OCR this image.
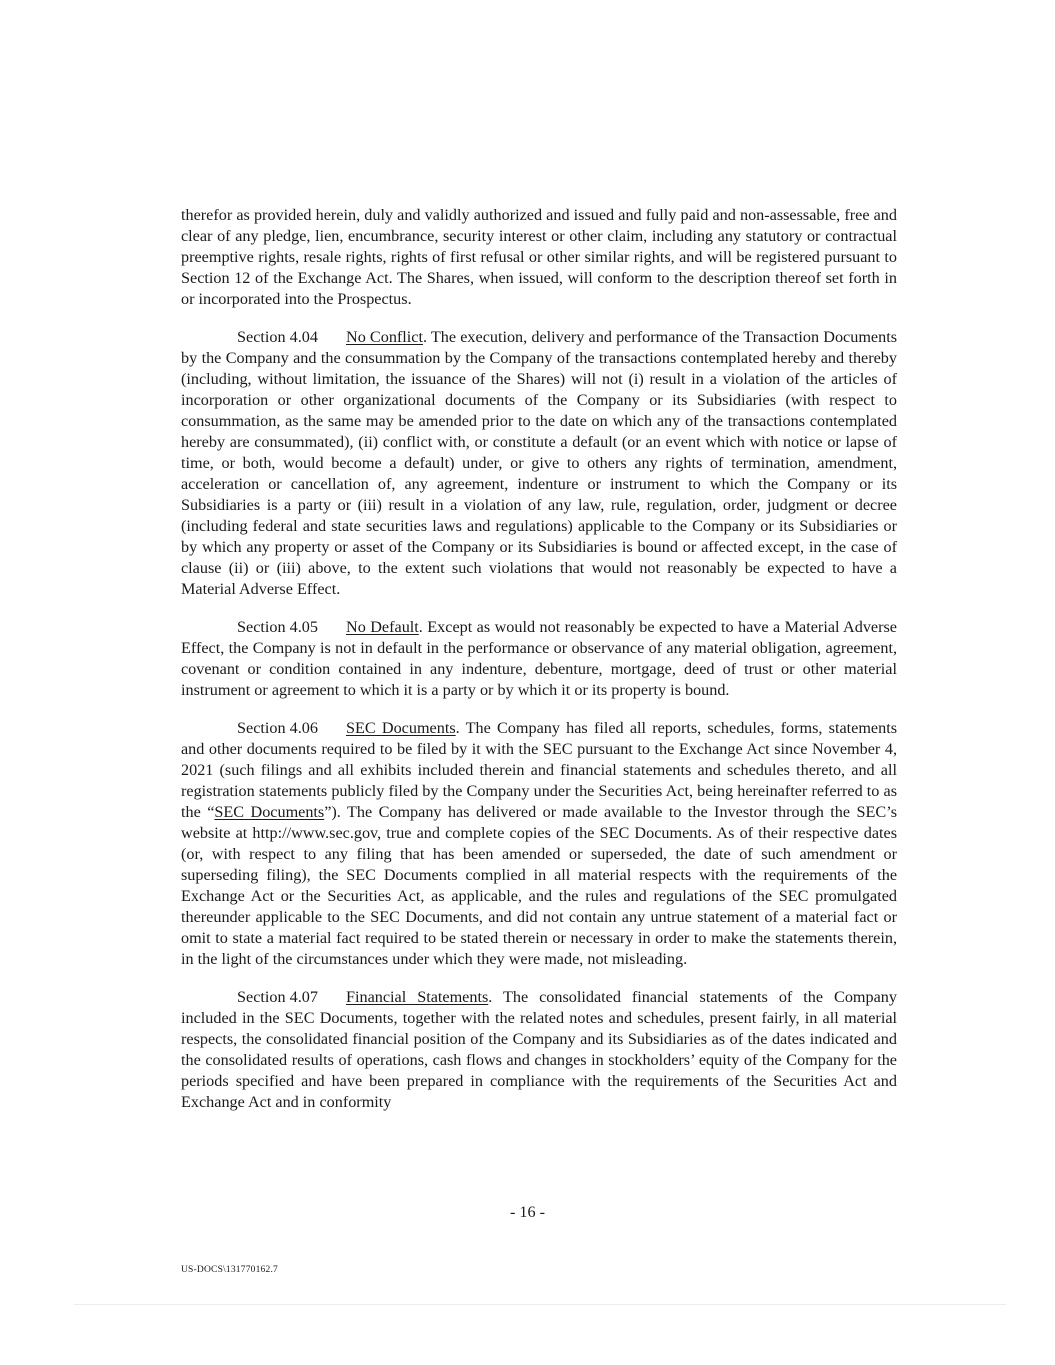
therefor as provided herein, duly and validly authorized and issued and fully paid and non-assessable, free and clear of any pledge, lien, encumbrance, security interest or other claim, including any statutory or contractual preemptive rights, resale rights, rights of first refusal or other similar rights, and will be registered pursuant to Section 12 of the Exchange Act. The Shares, when issued, will conform to the description thereof set forth in or incorporated into the Prospectus.

Section 4.04 No Conflict. The execution, delivery and performance of the Transaction Documents by the Company and the consummation by the Company of the transactions contemplated hereby and thereby (including, without limitation, the issuance of the Shares) will not (i) result in a violation of the articles of incorporation or other organizational documents of the Company or its Subsidiaries (with respect to consummation, as the same may be amended prior to the date on which any of the transactions contemplated hereby are consummated), (ii) conflict with, or constitute a default (or an event which with notice or lapse of time, or both, would become a default) under, or give to others any rights of termination, amendment, acceleration or cancellation of, any agreement, indenture or instrument to which the Company or its Subsidiaries is a party or (iii) result in a violation of any law, rule, regulation, order, judgment or decree (including federal and state securities laws and regulations) applicable to the Company or its Subsidiaries or by which any property or asset of the Company or its Subsidiaries is bound or affected except, in the case of clause (ii) or (iii) above, to the extent such violations that would not reasonably be expected to have a Material Adverse Effect.

Section 4.05 No Default. Except as would not reasonably be expected to have a Material Adverse Effect, the Company is not in default in the performance or observance of any material obligation, agreement, covenant or condition contained in any indenture, debenture, mortgage, deed of trust or other material instrument or agreement to which it is a party or by which it or its property is bound.

Section 4.06 SEC Documents. The Company has filed all reports, schedules, forms, statements and other documents required to be filed by it with the SEC pursuant to the Exchange Act since November 4, 2021 (such filings and all exhibits included therein and financial statements and schedules thereto, and all registration statements publicly filed by the Company under the Securities Act, being hereinafter referred to as the “SEC Documents”). The Company has delivered or made available to the Investor through the SEC’s website at http://www.sec.gov, true and complete copies of the SEC Documents. As of their respective dates (or, with respect to any filing that has been amended or superseded, the date of such amendment or superseding filing), the SEC Documents complied in all material respects with the requirements of the Exchange Act or the Securities Act, as applicable, and the rules and regulations of the SEC promulgated thereunder applicable to the SEC Documents, and did not contain any untrue statement of a material fact or omit to state a material fact required to be stated therein or necessary in order to make the statements therein, in the light of the circumstances under which they were made, not misleading.

Section 4.07 Financial Statements. The consolidated financial statements of the Company included in the SEC Documents, together with the related notes and schedules, present fairly, in all material respects, the consolidated financial position of the Company and its Subsidiaries as of the dates indicated and the consolidated results of operations, cash flows and changes in stockholders’ equity of the Company for the periods specified and have been prepared in compliance with the requirements of the Securities Act and Exchange Act and in conformity

- 16 -
US-DOCS\131770162.7
